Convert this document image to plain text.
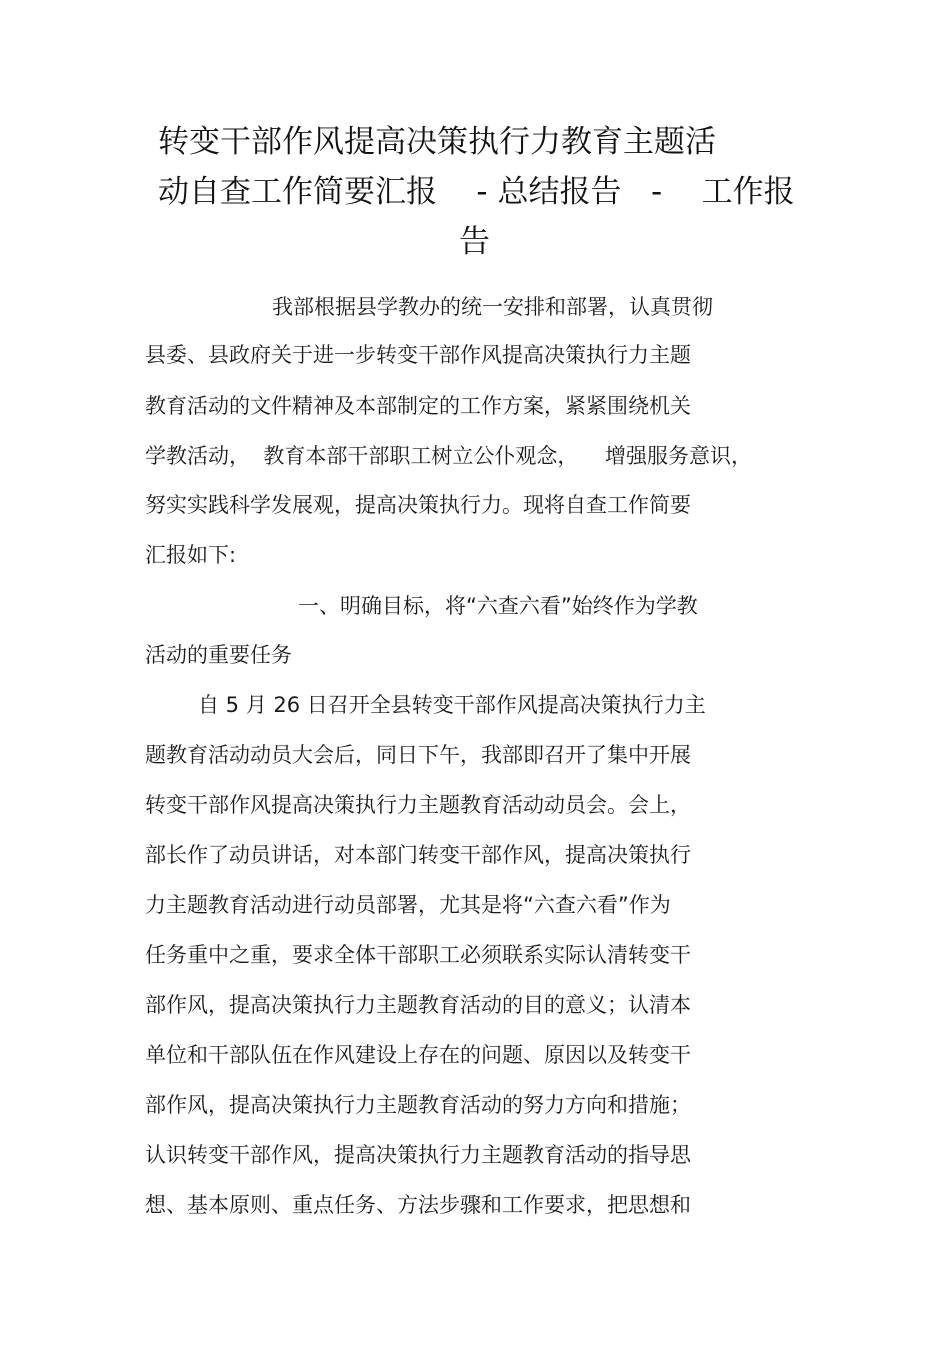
转变干部作风提高决策执行力教育主题活
动自查工作简要汇报    - 总结报告   -    工作报
告
我部根据县学教办的统一安排和部署，认真贯彻
县委、县政府关于进一步转变干部作风提高决策执行力主题
教育活动的文件精神及本部制定的工作方案，紧紧围绕机关
学教活动，  教育本部干部职工树立公仆观念，    增强服务意识，
努实实践科学发展观，提高决策执行力。现将自查工作简要
汇报如下:
一、明确目标，将“六查六看”始终作为学教
活动的重要任务
自 5 月 26 日召开全县转变干部作风提高决策执行力主
题教育活动动员大会后，同日下午，我部即召开了集中开展
转变干部作风提高决策执行力主题教育活动动员会。会上，
部长作了动员讲话，对本部门转变干部作风，提高决策执行
力主题教育活动进行动员部署，尤其是将“六查六看”作为
任务重中之重，要求全体干部职工必须联系实际认清转变干
部作风，提高决策执行力主题教育活动的目的意义；认清本
单位和干部队伍在作风建设上存在的问题、原因以及转变干
部作风，提高决策执行力主题教育活动的努力方向和措施；
认识转变干部作风，提高决策执行力主题教育活动的指导思
想、基本原则、重点任务、方法步骤和工作要求，把思想和
